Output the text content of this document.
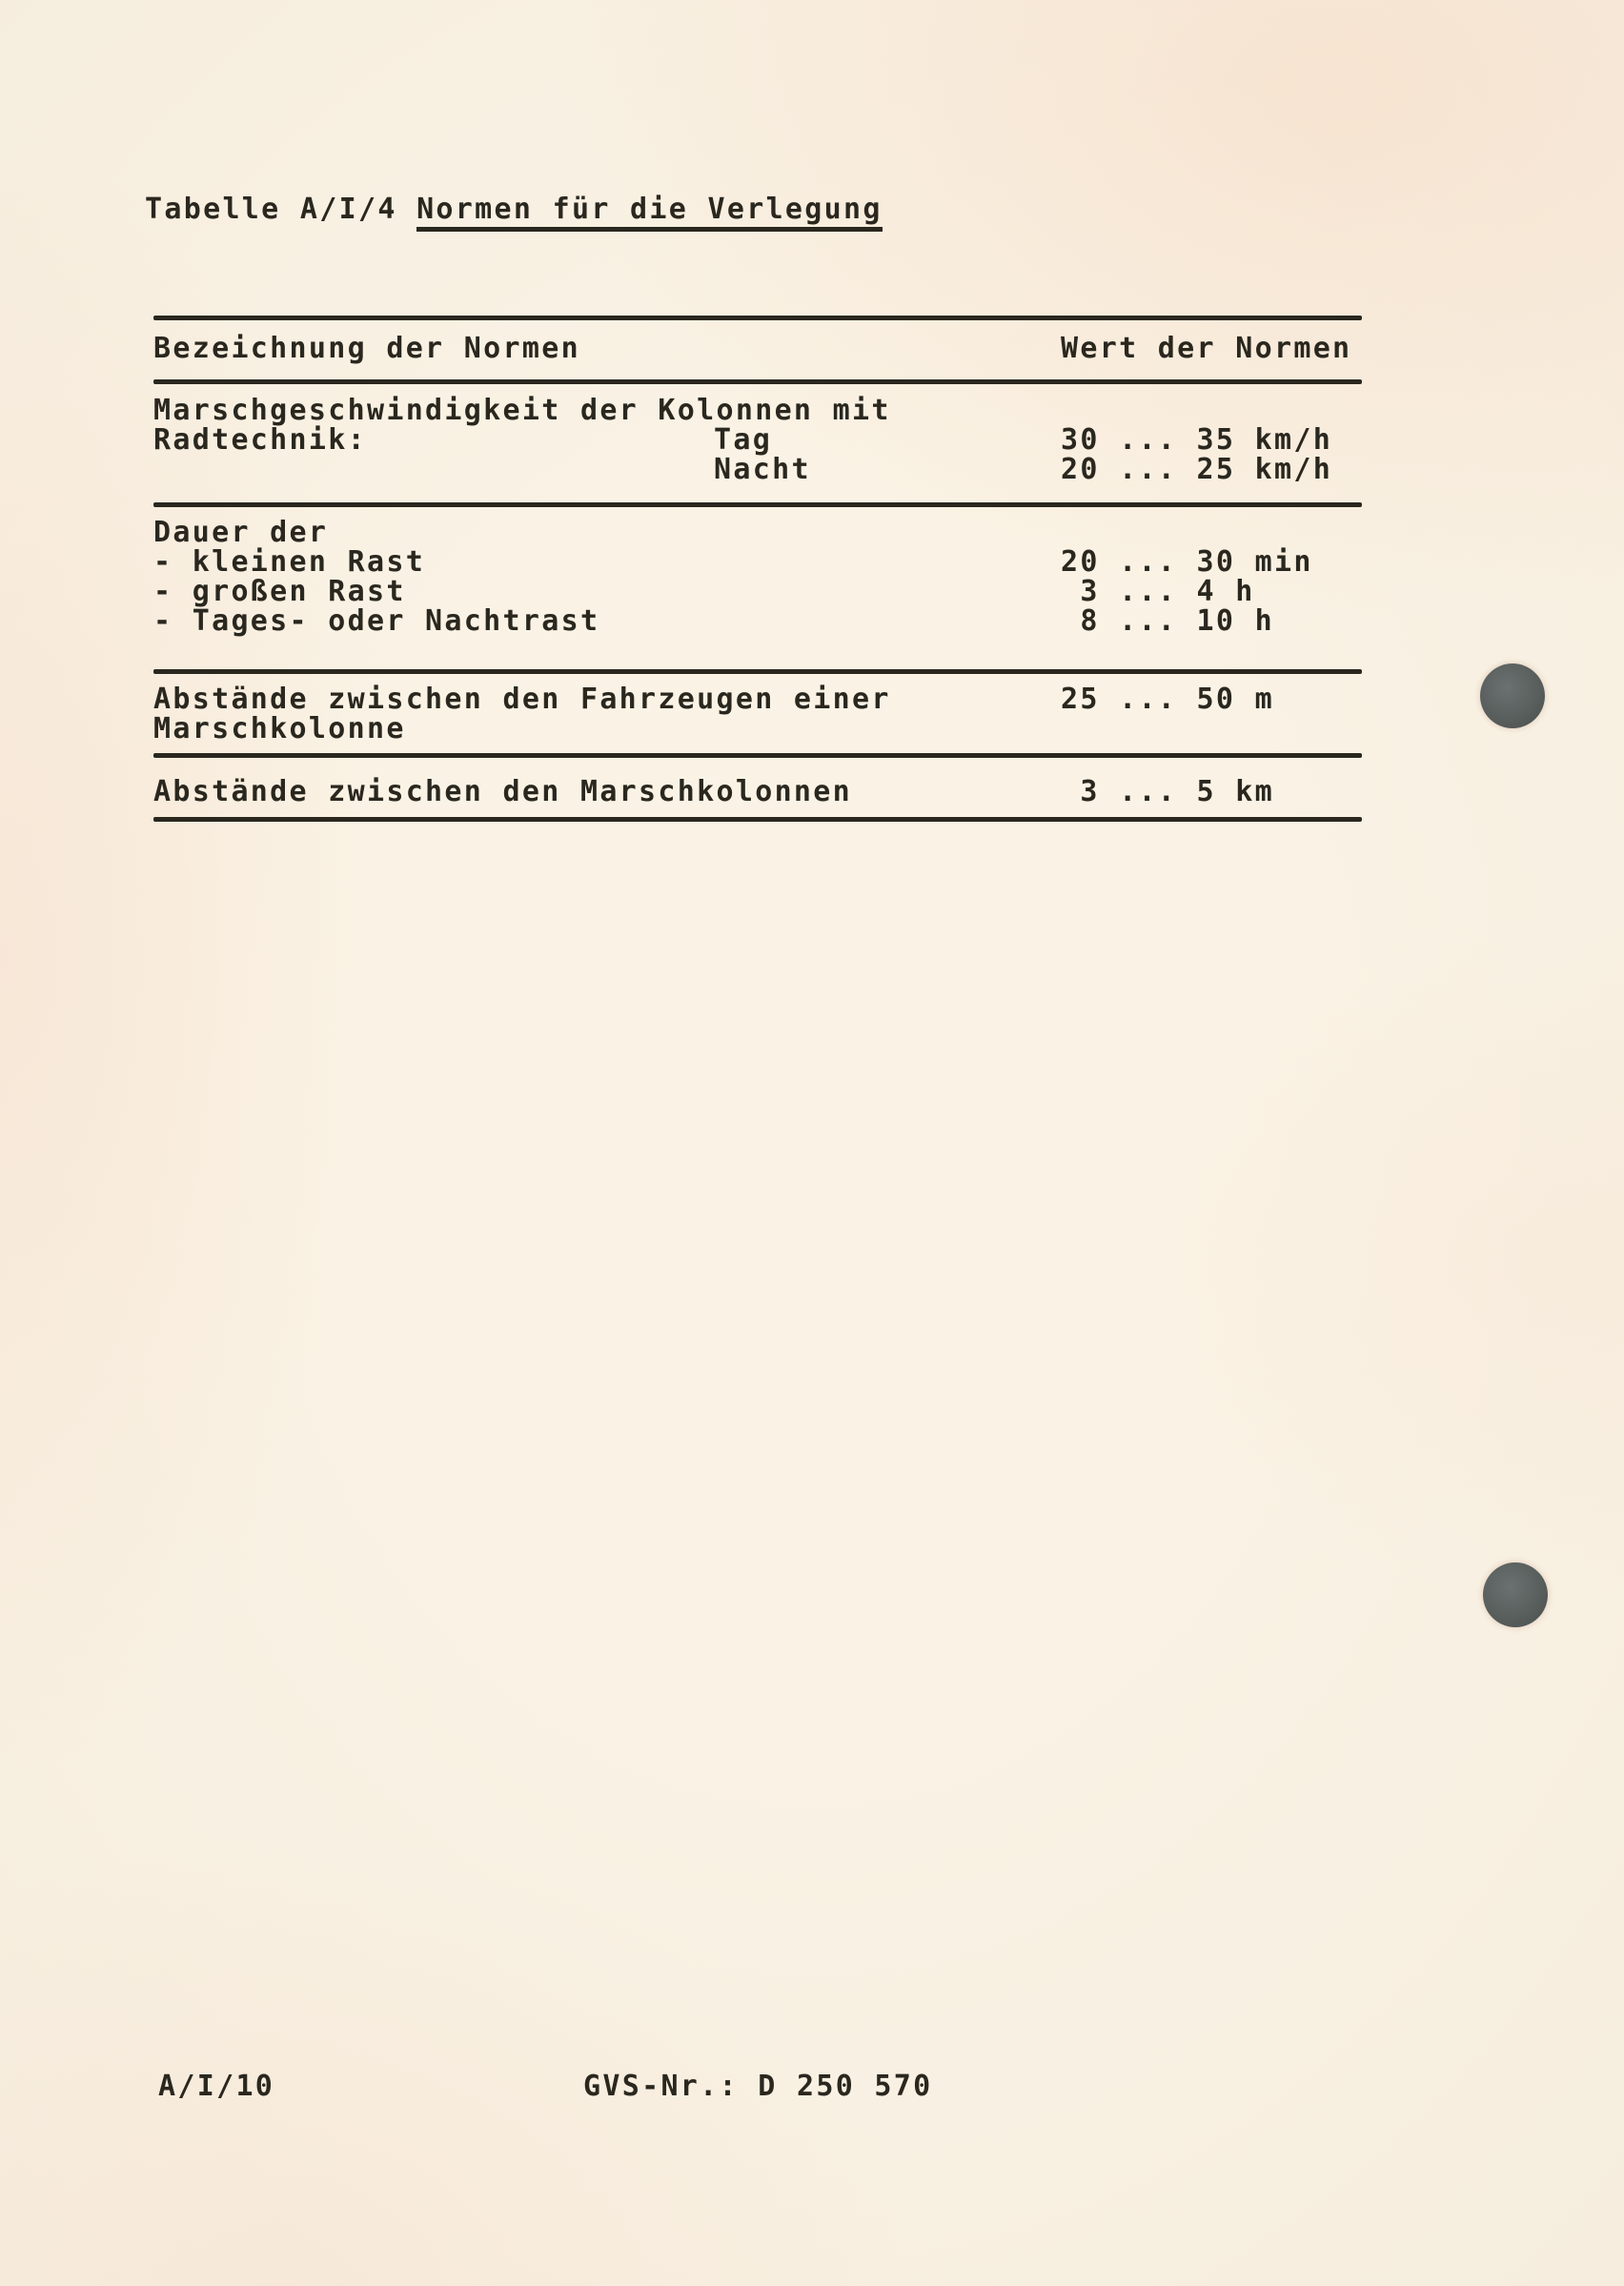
Tabelle A/I/4 Normen für die Verlegung
Bezeichnung der Normen	Wert der Normen
Marschgeschwindigkeit der Kolonnen mit
Radtechnik:	Tag	30 ... 35 km/h
Nacht	20 ... 25 km/h
Dauer der
- kleinen Rast	20 ... 30 min
- großen Rast	3 ... 4 h
- Tages- oder Nachtrast	8 ... 10 h
Abstände zwischen den Fahrzeugen einer	25 ... 50 m
Marschkolonne
Abstände zwischen den Marschkolonnen	3 ... 5 km
A/I/10	GVS-Nr.: D 250 570
